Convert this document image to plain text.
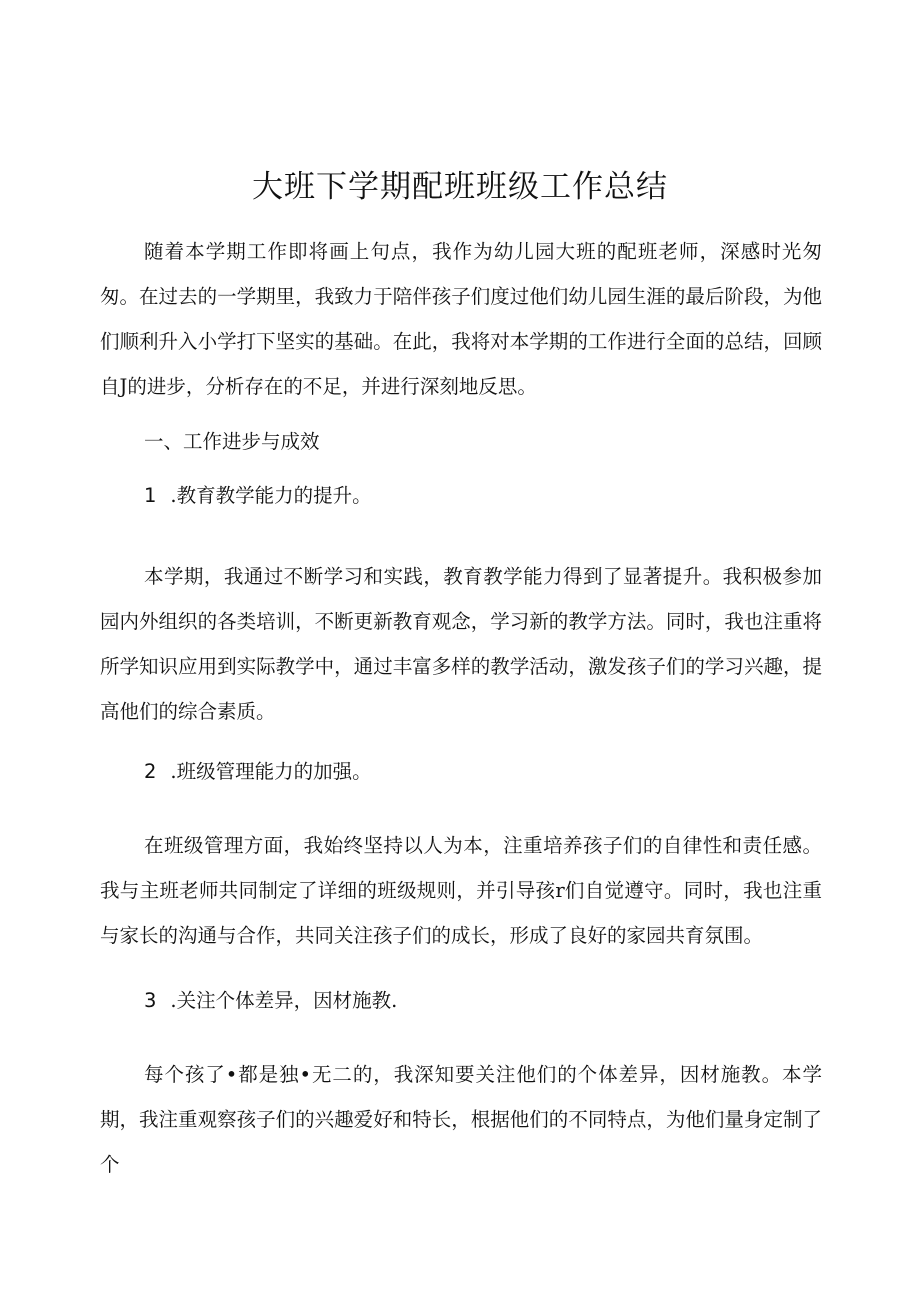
大班下学期配班班级工作总结

随着本学期工作即将画上句点，我作为幼儿园大班的配班老师，深感时光匆匆。在过去的一学期里，我致力于陪伴孩子们度过他们幼儿园生涯的最后阶段，为他们顺利升入小学打下坚实的基础。在此，我将对本学期的工作进行全面的总结，回顾自J的进步，分析存在的不足，并进行深刻地反思。

一、工作进步与成效

1 .教育教学能力的提升。

本学期，我通过不断学习和实践，教育教学能力得到了显著提升。我积极参加园内外组织的各类培训，不断更新教育观念，学习新的教学方法。同时，我也注重将所学知识应用到实际教学中，通过丰富多样的教学活动，激发孩子们的学习兴趣，提高他们的综合素质。

2 .班级管理能力的加强。

在班级管理方面，我始终坚持以人为本，注重培养孩子们的自律性和责任感。我与主班老师共同制定了详细的班级规则，并引导孩r们自觉遵守。同时，我也注重与家长的沟通与合作，共同关注孩子们的成长，形成了良好的家园共育氛围。

3 .关注个体差异，因材施教.

每个孩了•都是独•无二的，我深知要关注他们的个体差异，因材施教。本学期，我注重观察孩子们的兴趣爱好和特长，根据他们的不同特点，为他们量身定制了个
